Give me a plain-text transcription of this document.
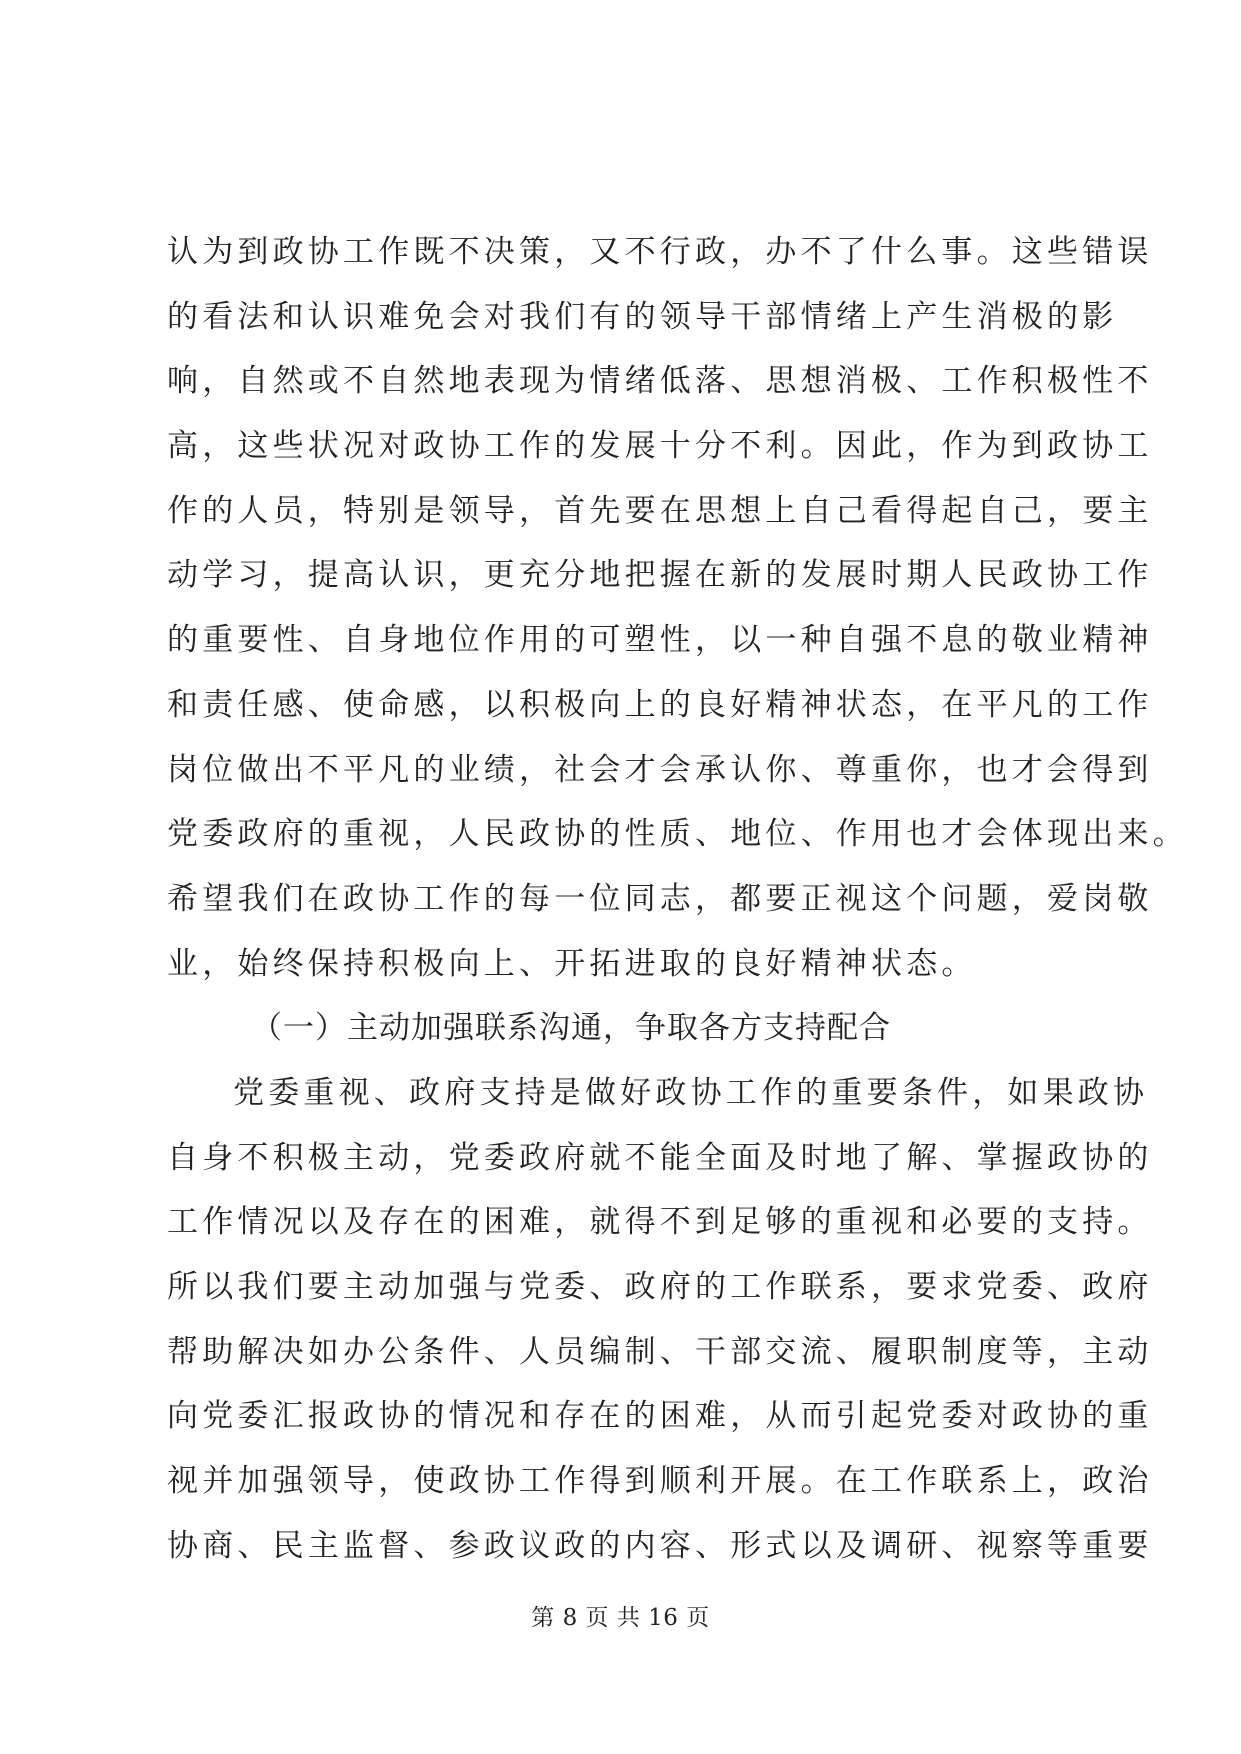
认为到政协工作既不决策，又不行政，办不了什么事。这些错误
的看法和认识难免会对我们有的领导干部情绪上产生消极的影
响，自然或不自然地表现为情绪低落、思想消极、工作积极性不
高，这些状况对政协工作的发展十分不利。因此，作为到政协工
作的人员，特别是领导，首先要在思想上自己看得起自己，要主
动学习，提高认识，更充分地把握在新的发展时期人民政协工作
的重要性、自身地位作用的可塑性，以一种自强不息的敬业精神
和责任感、使命感，以积极向上的良好精神状态，在平凡的工作
岗位做出不平凡的业绩，社会才会承认你、尊重你，也才会得到
党委政府的重视，人民政协的性质、地位、作用也才会体现出来。
希望我们在政协工作的每一位同志，都要正视这个问题，爱岗敬
业，始终保持积极向上、开拓进取的良好精神状态。
（一）主动加强联系沟通，争取各方支持配合
党委重视、政府支持是做好政协工作的重要条件，如果政协
自身不积极主动，党委政府就不能全面及时地了解、掌握政协的
工作情况以及存在的困难，就得不到足够的重视和必要的支持。
所以我们要主动加强与党委、政府的工作联系，要求党委、政府
帮助解决如办公条件、人员编制、干部交流、履职制度等，主动
向党委汇报政协的情况和存在的困难，从而引起党委对政协的重
视并加强领导，使政协工作得到顺利开展。在工作联系上，政治
协商、民主监督、参政议政的内容、形式以及调研、视察等重要
第 8 页 共 16 页
